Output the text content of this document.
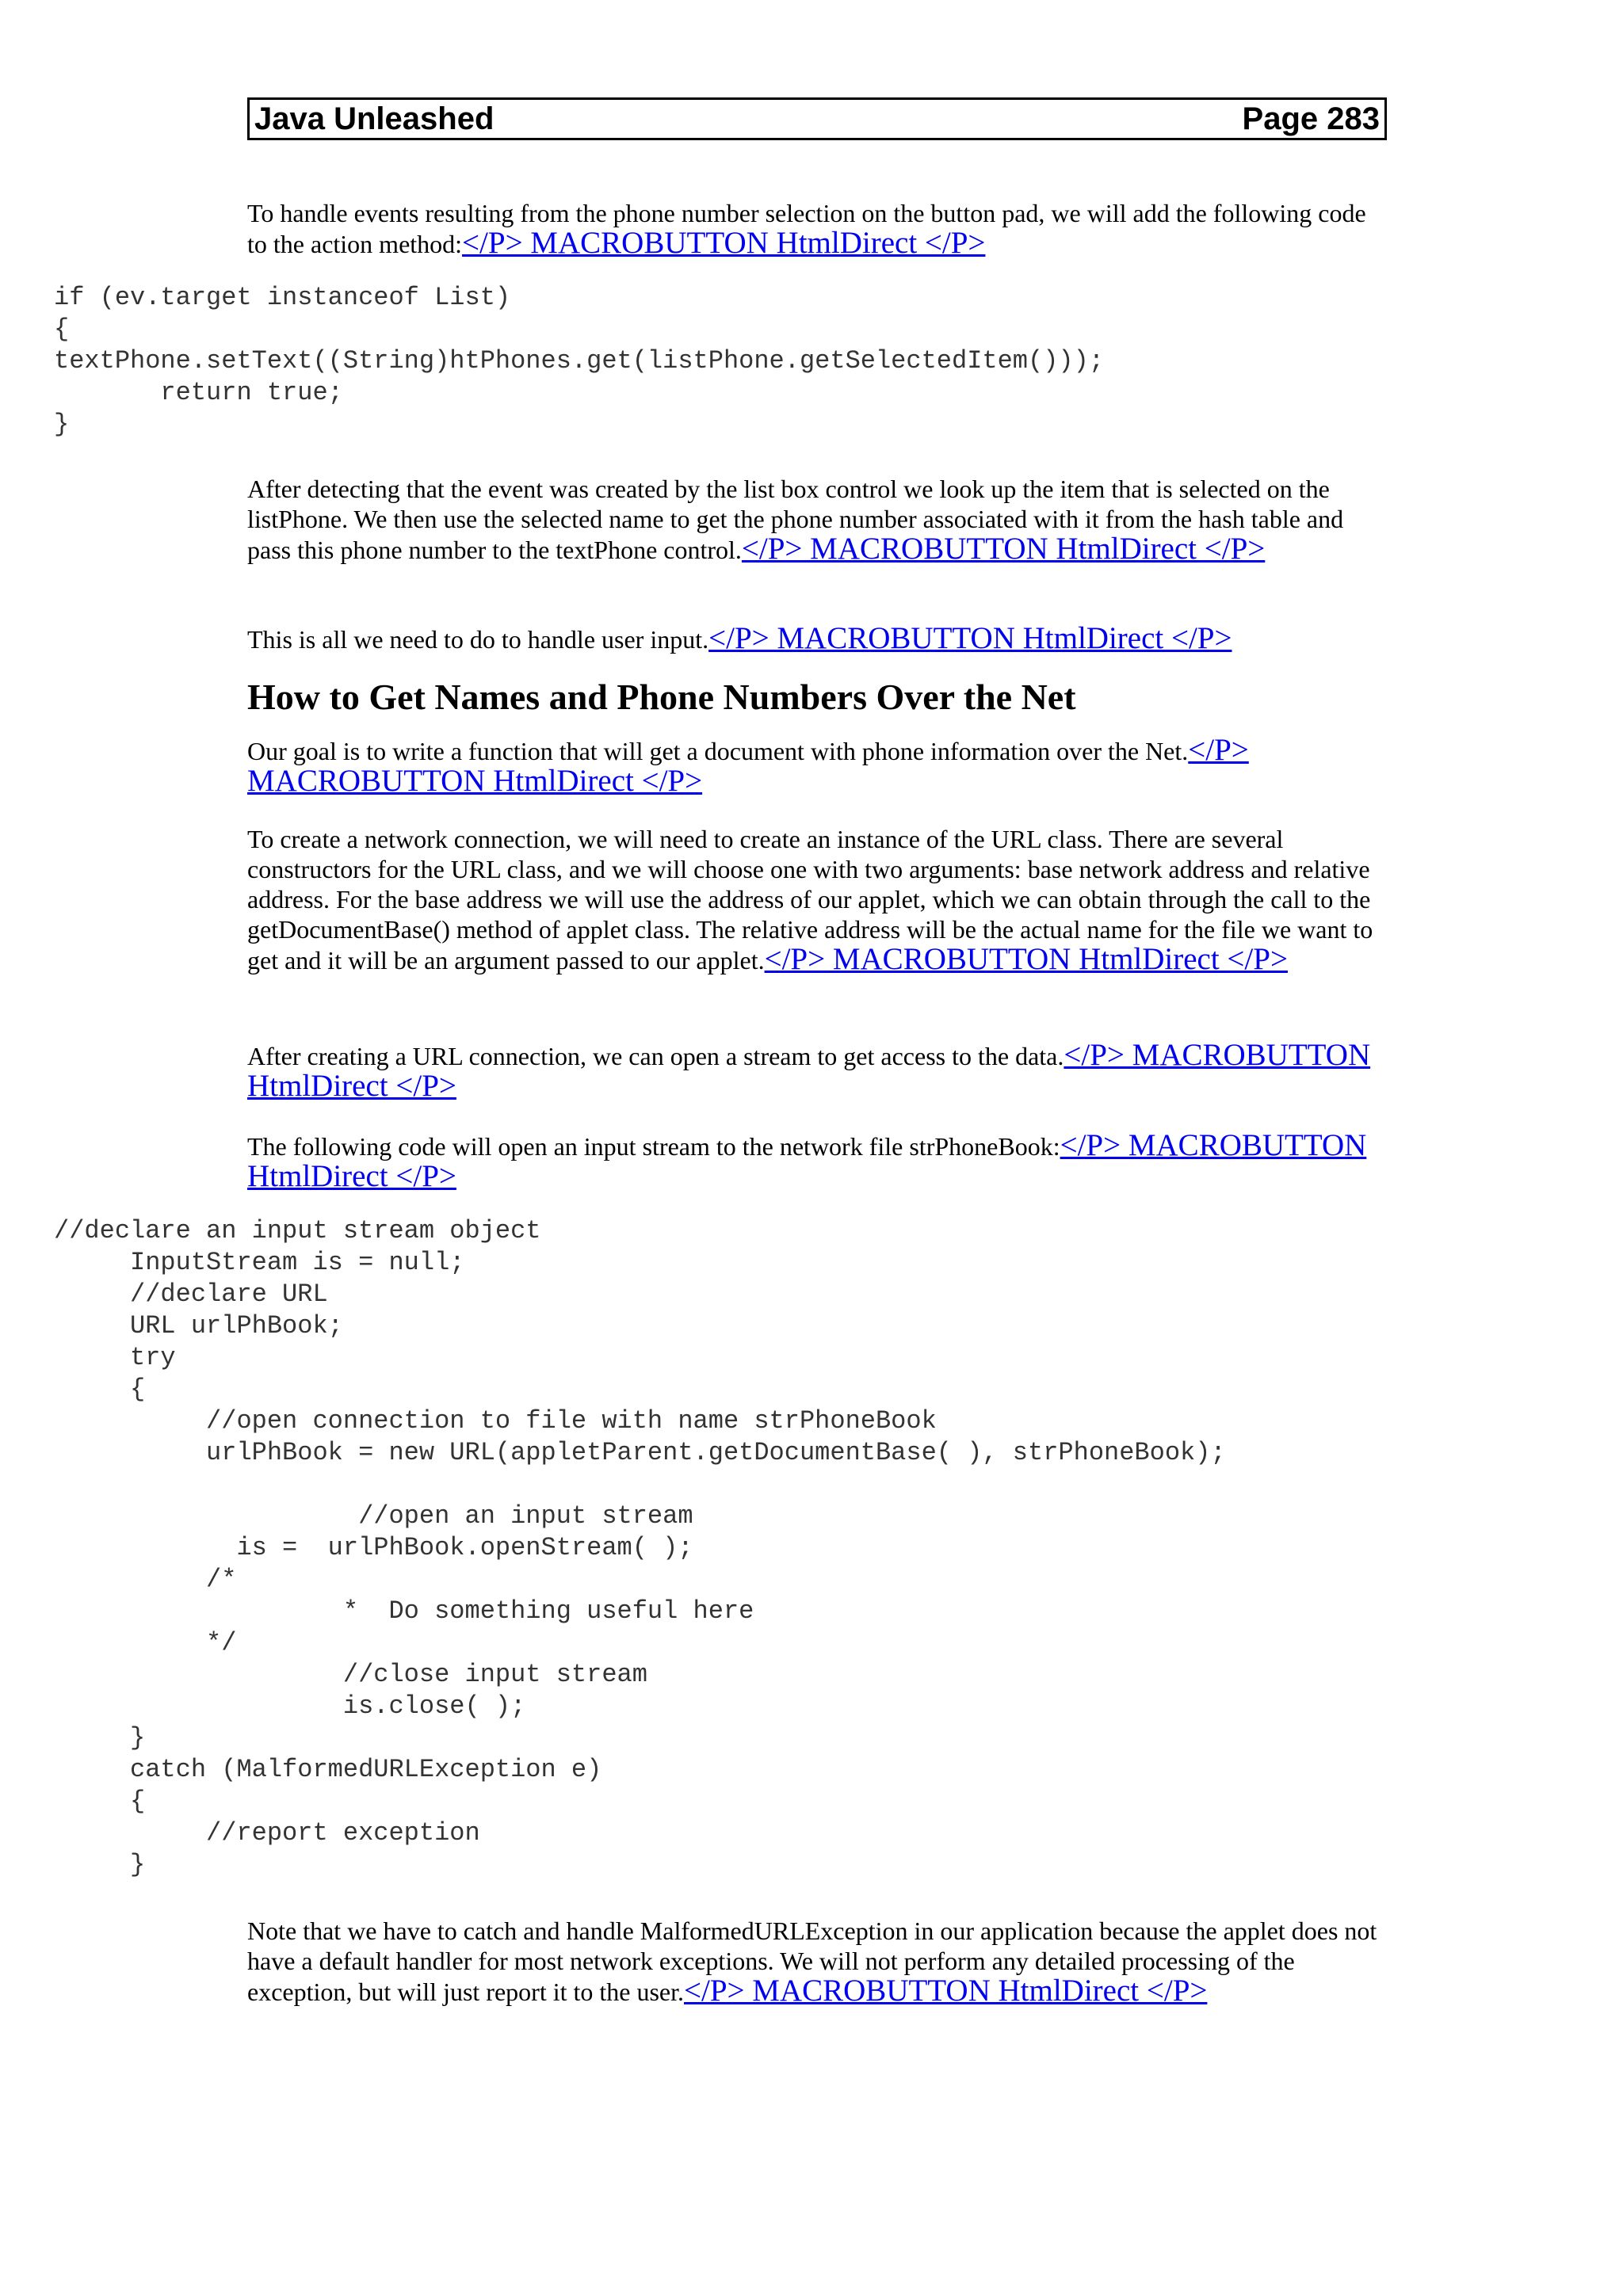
Java Unleashed	Page 283

To handle events resulting from the phone number selection on the button pad, we will add the following code to the action method:</P> MACROBUTTON HtmlDirect </P>

if (ev.target instanceof List)
{
textPhone.setText((String)htPhones.get(listPhone.getSelectedItem()));
return true;
}

After detecting that the event was created by the list box control we look up the item that is selected on the listPhone. We then use the selected name to get the phone number associated with it from the hash table and pass this phone number to the textPhone control.</P> MACROBUTTON HtmlDirect </P>

This is all we need to do to handle user input.</P> MACROBUTTON HtmlDirect </P>

How to Get Names and Phone Numbers Over the Net

Our goal is to write a function that will get a document with phone information over the Net.</P> MACROBUTTON HtmlDirect </P>

To create a network connection, we will need to create an instance of the URL class. There are several constructors for the URL class, and we will choose one with two arguments: base network address and relative address. For the base address we will use the address of our applet, which we can obtain through the call to the getDocumentBase() method of applet class. The relative address will be the actual name for the file we want to get and it will be an argument passed to our applet.</P> MACROBUTTON HtmlDirect </P>

After creating a URL connection, we can open a stream to get access to the data.</P> MACROBUTTON HtmlDirect </P>

The following code will open an input stream to the network file strPhoneBook:</P> MACROBUTTON HtmlDirect </P>

//declare an input stream object
InputStream is = null;
//declare URL
URL urlPhBook;
try
{
//open connection to file with name strPhoneBook
urlPhBook = new URL(appletParent.getDocumentBase( ), strPhoneBook);

//open an input stream
is =  urlPhBook.openStream( );
/*
*  Do something useful here
*/
//close input stream
is.close( );
}
catch (MalformedURLException e)
{
//report exception
}

Note that we have to catch and handle MalformedURLException in our application because the applet does not have a default handler for most network exceptions. We will not perform any detailed processing of the exception, but will just report it to the user.</P> MACROBUTTON HtmlDirect </P>
